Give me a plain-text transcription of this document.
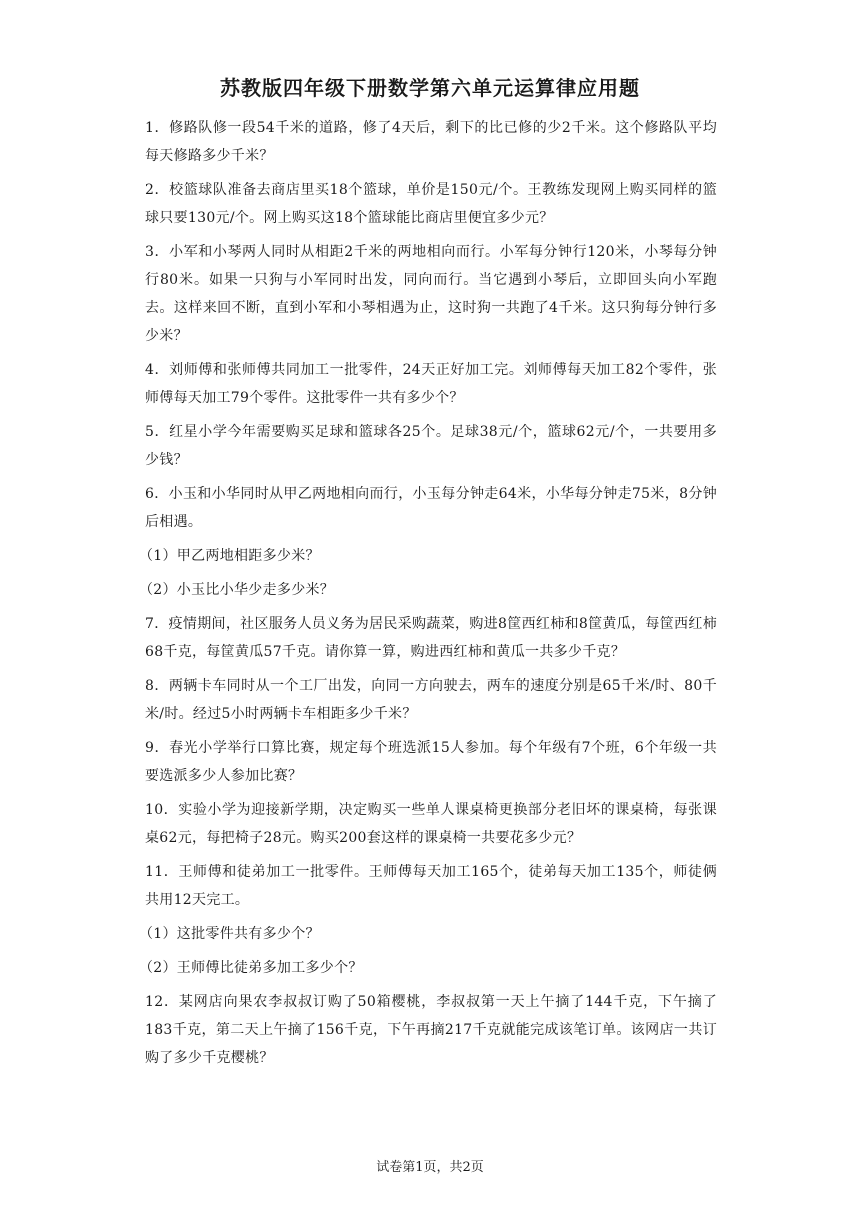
苏教版四年级下册数学第六单元运算律应用题

1．修路队修一段54千米的道路，修了4天后，剩下的比已修的少2千米。这个修路队平均每天修路多少千米？

2．校篮球队准备去商店里买18个篮球，单价是150元/个。王教练发现网上购买同样的篮球只要130元/个。网上购买这18个篮球能比商店里便宜多少元？

3．小军和小琴两人同时从相距2千米的两地相向而行。小军每分钟行120米，小琴每分钟行80米。如果一只狗与小军同时出发，同向而行。当它遇到小琴后，立即回头向小军跑去。这样来回不断，直到小军和小琴相遇为止，这时狗一共跑了4千米。这只狗每分钟行多少米？

4．刘师傅和张师傅共同加工一批零件，24天正好加工完。刘师傅每天加工82个零件，张师傅每天加工79个零件。这批零件一共有多少个？

5．红星小学今年需要购买足球和篮球各25个。足球38元/个，篮球62元/个，一共要用多少钱？

6．小玉和小华同时从甲乙两地相向而行，小玉每分钟走64米，小华每分钟走75米，8分钟后相遇。

（1）甲乙两地相距多少米？

（2）小玉比小华少走多少米？

7．疫情期间，社区服务人员义务为居民采购蔬菜，购进8筐西红柿和8筐黄瓜，每筐西红柿68千克，每筐黄瓜57千克。请你算一算，购进西红柿和黄瓜一共多少千克？

8．两辆卡车同时从一个工厂出发，向同一方向驶去，两车的速度分别是65千米/时、80千米/时。经过5小时两辆卡车相距多少千米？

9．春光小学举行口算比赛，规定每个班选派15人参加。每个年级有7个班，6个年级一共要选派多少人参加比赛？

10．实验小学为迎接新学期，决定购买一些单人课桌椅更换部分老旧坏的课桌椅，每张课桌62元，每把椅子28元。购买200套这样的课桌椅一共要花多少元？

11．王师傅和徒弟加工一批零件。王师傅每天加工165个，徒弟每天加工135个，师徒俩共用12天完工。

（1）这批零件共有多少个？

（2）王师傅比徒弟多加工多少个？

12．某网店向果农李叔叔订购了50箱樱桃，李叔叔第一天上午摘了144千克，下午摘了183千克，第二天上午摘了156千克，下午再摘217千克就能完成该笔订单。该网店一共订购了多少千克樱桃？

试卷第1页，共2页
